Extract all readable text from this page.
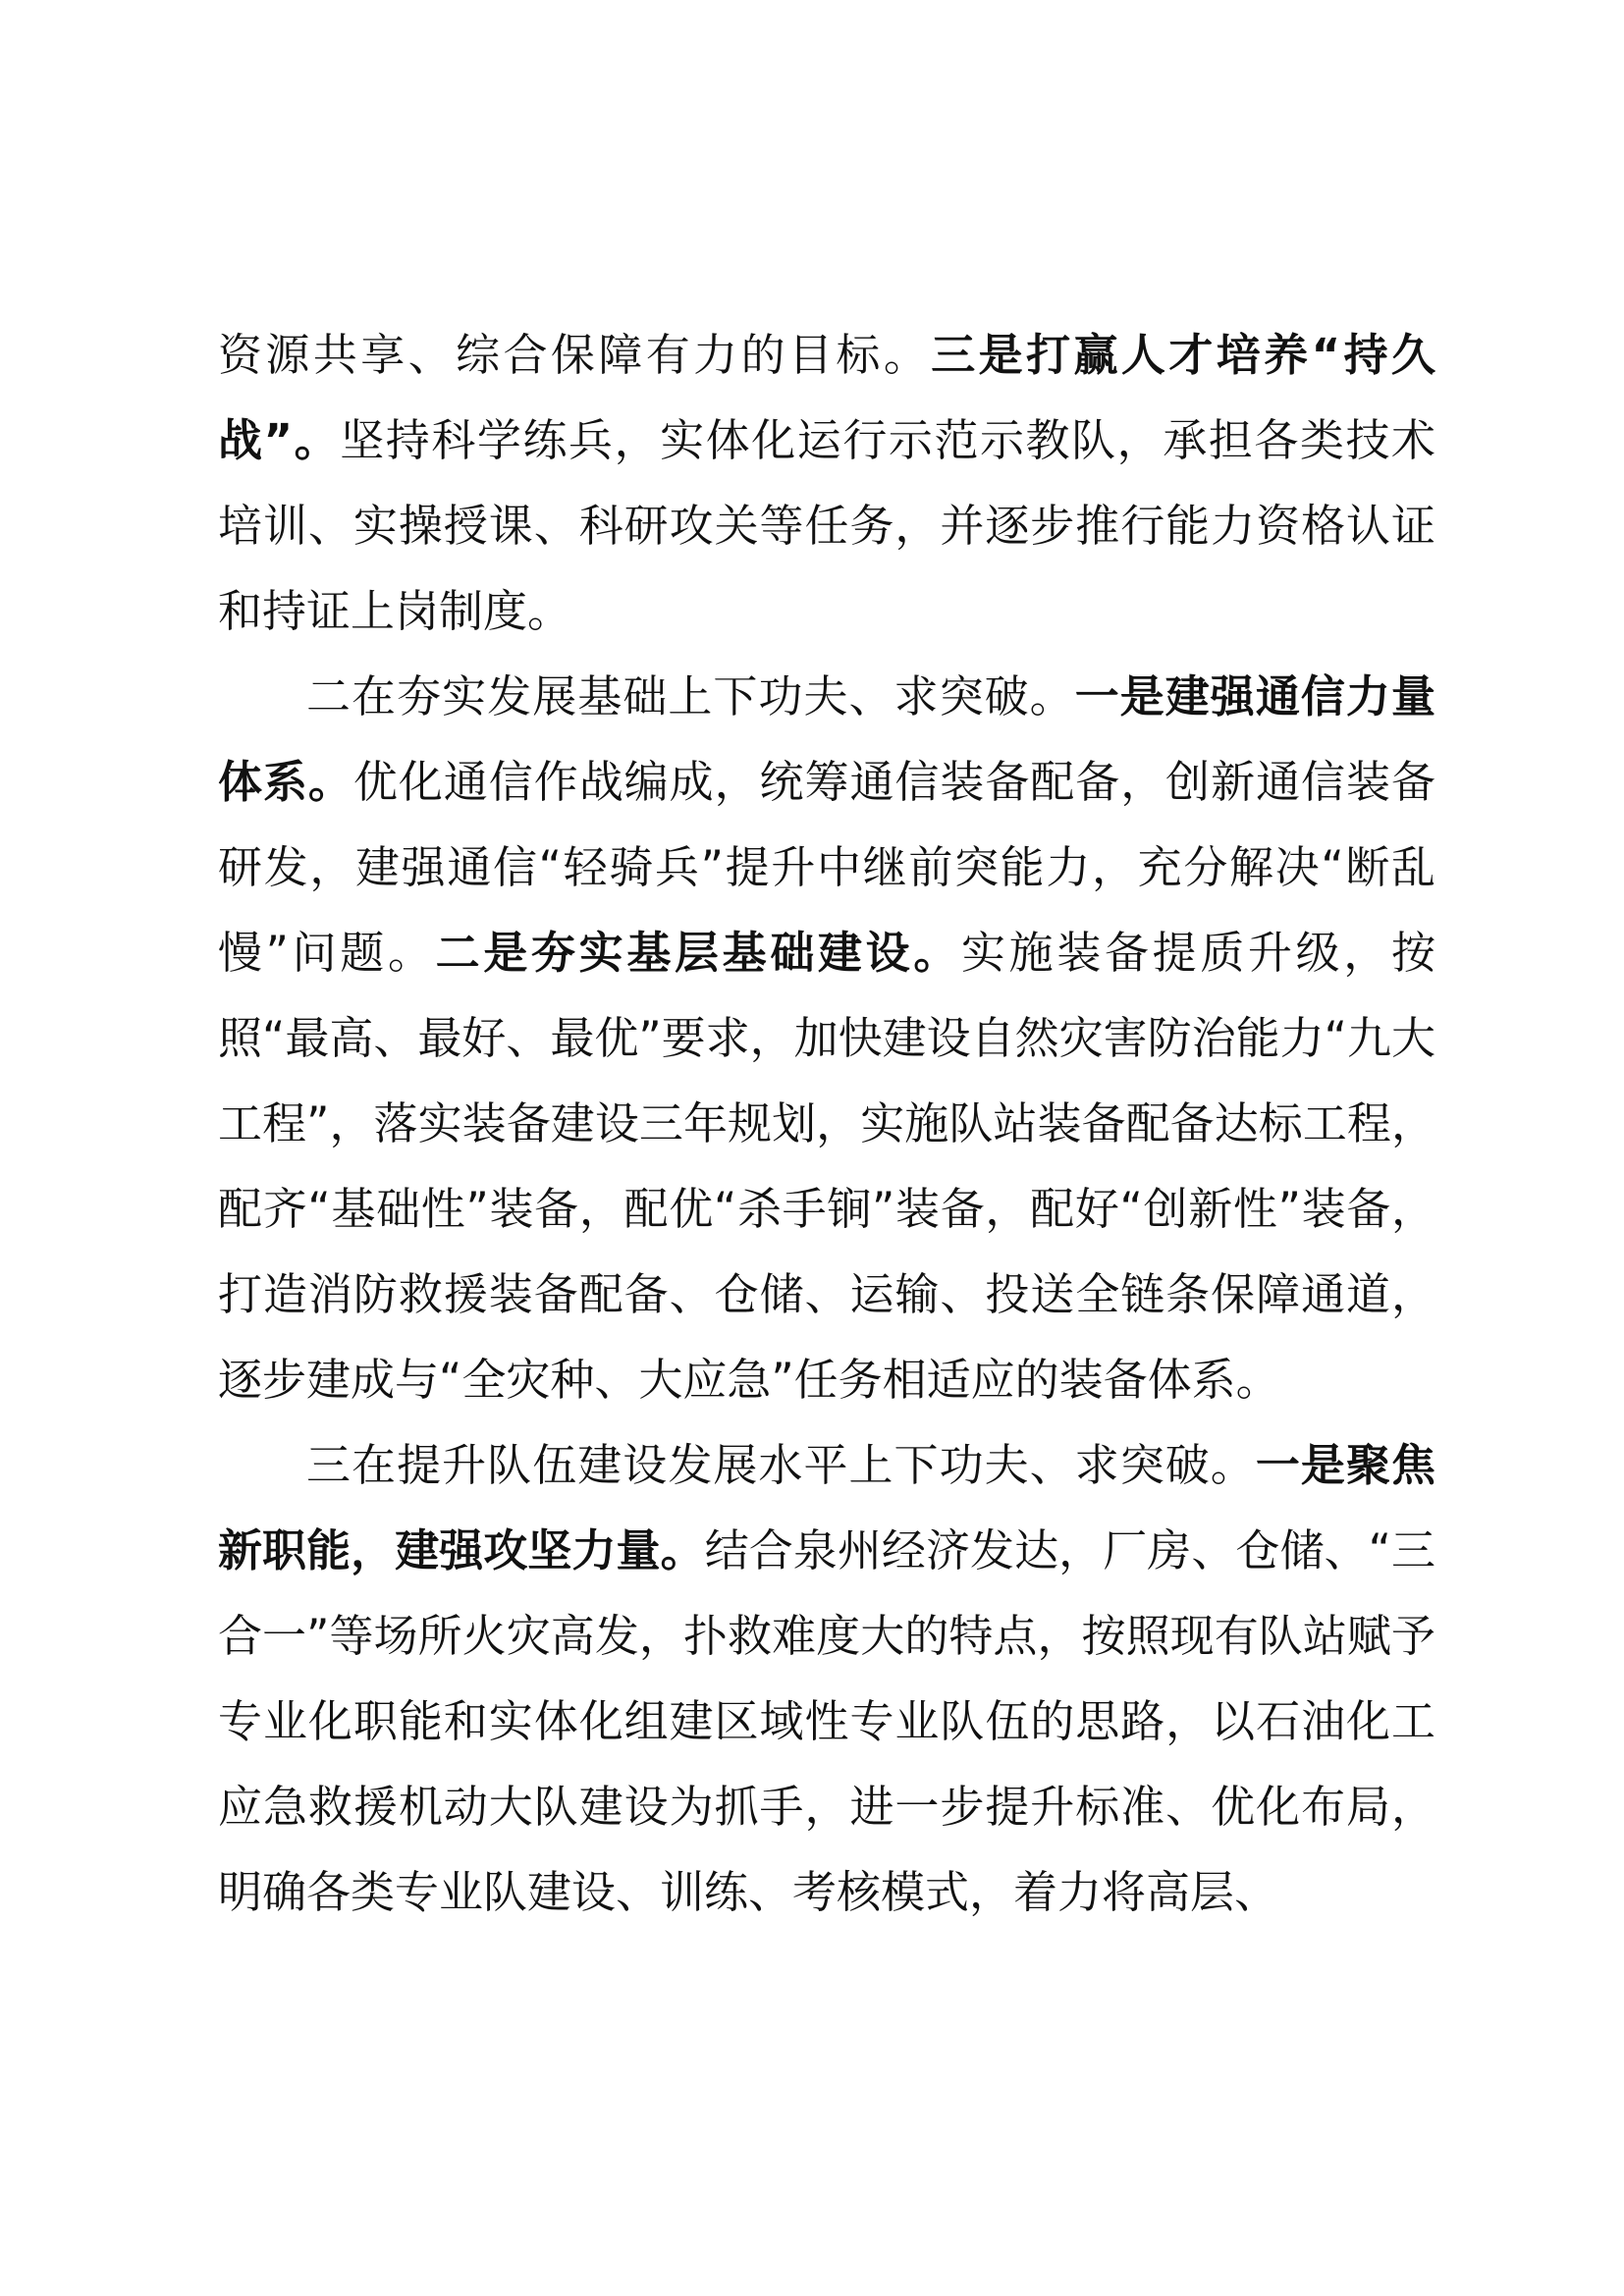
资源共享、综合保障有力的目标。三是打赢人才培养“持久战”。坚持科学练兵，实体化运行示范示教队，承担各类技术培训、实操授课、科研攻关等任务，并逐步推行能力资格认证和持证上岗制度。

二在夯实发展基础上下功夫、求突破。一是建强通信力量体系。优化通信作战编成，统筹通信装备配备，创新通信装备研发，建强通信“轻骑兵”提升中继前突能力，充分解决“断乱慢”问题。二是夯实基层基础建设。实施装备提质升级，按照“最高、最好、最优”要求，加快建设自然灾害防治能力“九大工程”，落实装备建设三年规划，实施队站装备配备达标工程，配齐“基础性”装备，配优“杀手锏”装备，配好“创新性”装备，打造消防救援装备配备、仓储、运输、投送全链条保障通道，逐步建成与“全灾种、大应急”任务相适应的装备体系。

三在提升队伍建设发展水平上下功夫、求突破。一是聚焦新职能，建强攻坚力量。结合泉州经济发达，厂房、仓储、“三合一”等场所火灾高发，扑救难度大的特点，按照现有队站赋予专业化职能和实体化组建区域性专业队伍的思路，以石油化工应急救援机动大队建设为抓手，进一步提升标准、优化布局，明确各类专业队建设、训练、考核模式，着力将高层、
